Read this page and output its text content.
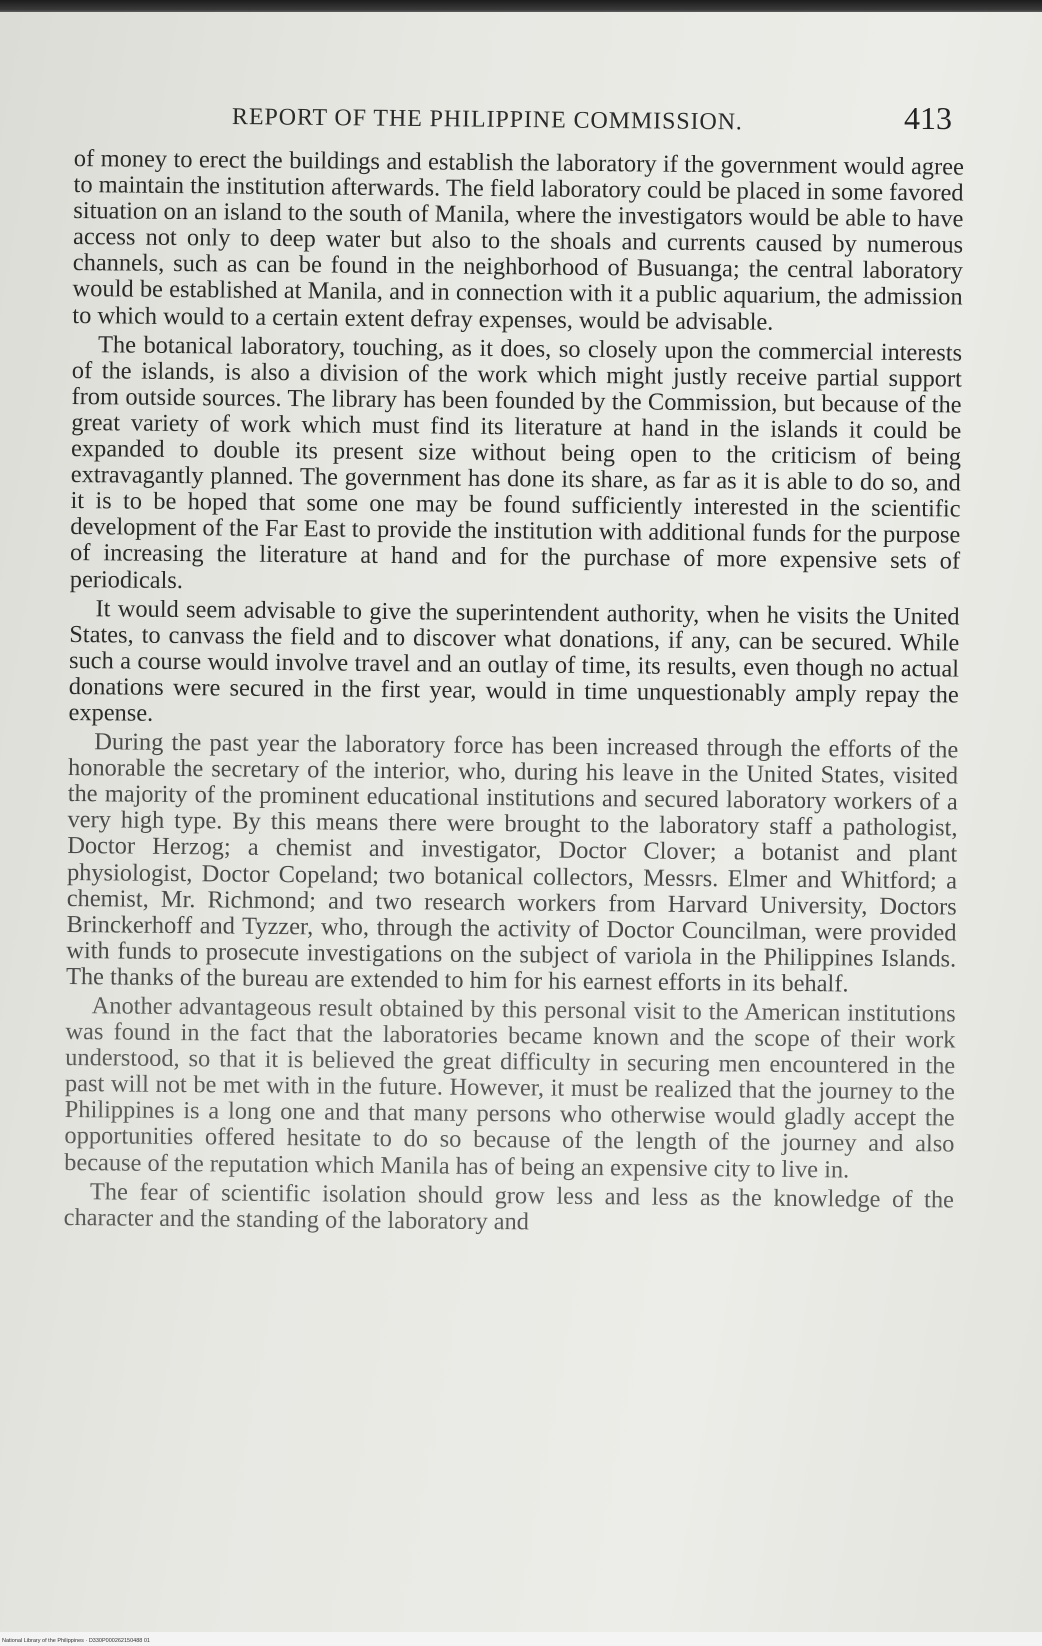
REPORT OF THE PHILIPPINE COMMISSION.	413

of money to erect the buildings and establish the laboratory if the government would agree to maintain the institution afterwards. The field laboratory could be placed in some favored situation on an island to the south of Manila, where the investigators would be able to have access not only to deep water but also to the shoals and currents caused by numerous channels, such as can be found in the neighborhood of Busuanga; the central laboratory would be established at Manila, and in connection with it a public aquarium, the admission to which would to a certain extent defray expenses, would be advisable.

The botanical laboratory, touching, as it does, so closely upon the commercial interests of the islands, is also a division of the work which might justly receive partial support from outside sources. The library has been founded by the Commission, but because of the great variety of work which must find its literature at hand in the islands it could be expanded to double its present size without being open to the criticism of being extravagantly planned. The government has done its share, as far as it is able to do so, and it is to be hoped that some one may be found sufficiently interested in the scientific development of the Far East to provide the institution with additional funds for the purpose of increasing the literature at hand and for the purchase of more expensive sets of periodicals.

It would seem advisable to give the superintendent authority, when he visits the United States, to canvass the field and to discover what donations, if any, can be secured. While such a course would involve travel and an outlay of time, its results, even though no actual donations were secured in the first year, would in time unquestionably amply repay the expense.

During the past year the laboratory force has been increased through the efforts of the honorable the secretary of the interior, who, during his leave in the United States, visited the majority of the prominent educational institutions and secured laboratory workers of a very high type. By this means there were brought to the laboratory staff a pathologist, Doctor Herzog; a chemist and investigator, Doctor Clover; a botanist and plant physiologist, Doctor Copeland; two botanical collectors, Messrs. Elmer and Whitford; a chemist, Mr. Richmond; and two research workers from Harvard University, Doctors Brinckerhoff and Tyzzer, who, through the activity of Doctor Councilman, were provided with funds to prosecute investigations on the subject of variola in the Philippines Islands. The thanks of the bureau are extended to him for his earnest efforts in its behalf.

Another advantageous result obtained by this personal visit to the American institutions was found in the fact that the laboratories became known and the scope of their work understood, so that it is believed the great difficulty in securing men encountered in the past will not be met with in the future. However, it must be realized that the journey to the Philippines is a long one and that many persons who otherwise would gladly accept the opportunities offered hesitate to do so because of the length of the journey and also because of the reputation which Manila has of being an expensive city to live in.

The fear of scientific isolation should grow less and less as the knowledge of the character and the standing of the laboratory and

National Library of the Philippines · D330P000262150488 01
